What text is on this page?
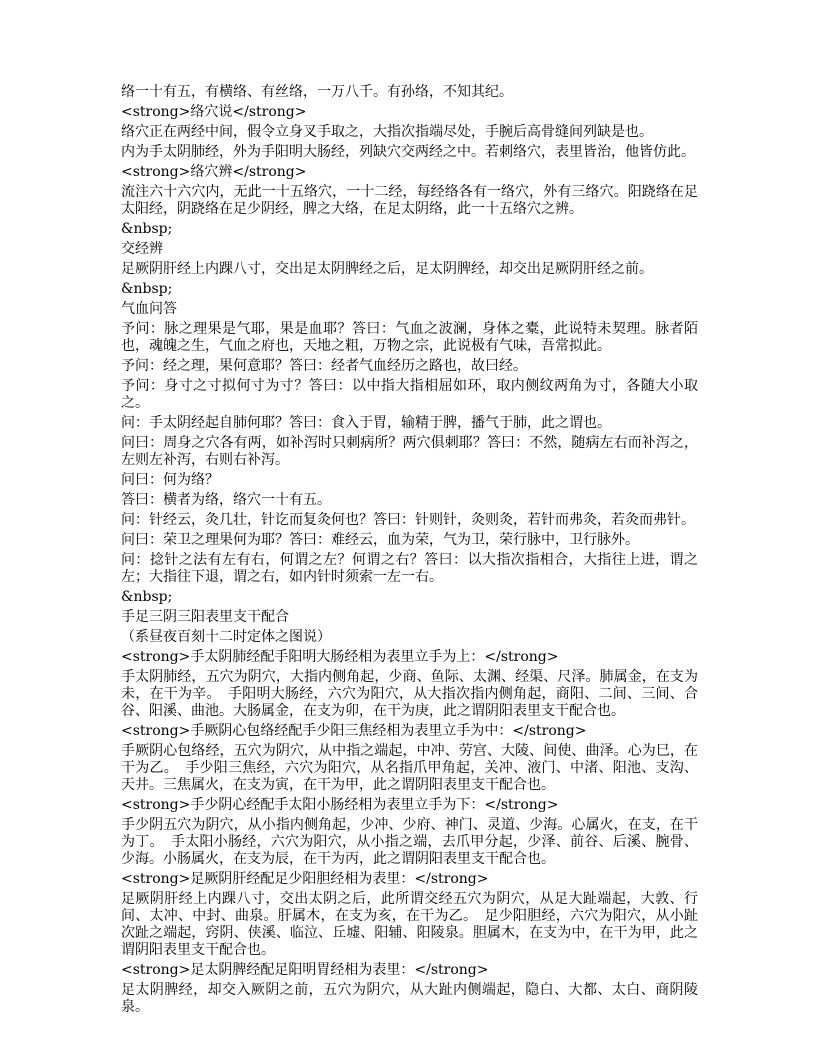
络一十有五，有横络、有丝络，一万八千。有孙络，不知其纪。

<strong>络穴说</strong>

络穴正在两经中间，假令立身叉手取之，大指次指端尽处，手腕后高骨缝间列缺是也。

内为手太阴肺经，外为手阳明大肠经，列缺穴交两经之中。若刺络穴，表里皆治，他皆仿此。

<strong>络穴辨</strong>

流注六十六穴内，无此一十五络穴，一十二经，每经络各有一络穴，外有三络穴。阳跷络在足太阳经，阴跷络在足少阴经，脾之大络，在足太阴络，此一十五络穴之辨。

&nbsp;

交经辨

足厥阴肝经上内踝八寸，交出足太阴脾经之后，足太阴脾经，却交出足厥阴肝经之前。

&nbsp;

气血问答

予问：脉之理果是气耶，果是血耶？答曰：气血之波澜，身体之橐，此说特未契理。脉者陌也，魂魄之生，气血之府也，天地之粗，万物之宗，此说极有气味，吾常拟此。

予问：经之理，果何意耶？答曰：经者气血经历之路也，故曰经。

予问：身寸之寸拟何寸为寸？答曰：以中指大指相屈如环，取内侧纹两角为寸，各随大小取之。

问：手太阴经起自肺何耶？答曰：食入于胃，输精于脾，播气于肺，此之谓也。

问曰：周身之穴各有两，如补泻时只刺病所？两穴俱刺耶？答曰：不然，随病左右而补泻之，左则左补泻，右则右补泻。

问曰：何为络？

答曰：横者为络，络穴一十有五。

问：针经云，灸几壮，针讫而复灸何也？答曰：针则针，灸则灸，若针而弗灸，若灸而弗针。

问曰：荣卫之理果何为耶？答曰：难经云，血为荣，气为卫，荣行脉中，卫行脉外。

问：捻针之法有左有右，何谓之左？何谓之右？答曰：以大指次指相合，大指往上进，谓之左；大指往下退，谓之右，如内针时须索一左一右。

&nbsp;

手足三阴三阳表里支干配合

（系昼夜百刻十二时定体之图说）

<strong>手太阴肺经配手阳明大肠经相为表里立手为上：</strong>

手太阴肺经，五穴为阴穴，大指内侧角起，少商、鱼际、太渊、经渠、尺泽。肺属金，在支为未，在干为辛。　手阳明大肠经，六穴为阳穴，从大指次指内侧角起，商阳、二间、三间、合谷、阳溪、曲池。大肠属金，在支为卯，在干为庚，此之谓阴阳表里支干配合也。

<strong>手厥阴心包络经配手少阳三焦经相为表里立手为中：</strong>

手厥阴心包络经，五穴为阴穴，从中指之端起，中冲、劳宫、大陵、间使、曲泽。心为巳，在干为乙。　手少阳三焦经，六穴为阳穴，从名指爪甲角起，关冲、液门、中渚、阳池、支沟、天井。三焦属火，在支为寅，在干为甲，此之谓阴阳表里支干配合也。

<strong>手少阴心经配手太阳小肠经相为表里立手为下：</strong>

手少阴五穴为阴穴，从小指内侧角起，少冲、少府、神门、灵道、少海。心属火，在支，在干为丁。　手太阳小肠经，六穴为阳穴，从小指之端，去爪甲分起，少泽、前谷、后溪、腕骨、少海。小肠属火，在支为辰，在干为丙，此之谓阴阳表里支干配合也。

<strong>足厥阴肝经配足少阳胆经相为表里：</strong>

足厥阴肝经上内踝八寸，交出太阴之后，此所谓交经五穴为阴穴，从足大趾端起，大敦、行间、太冲、中封、曲泉。肝属木，在支为亥，在干为乙。　足少阳胆经，六穴为阳穴，从小趾次趾之端起，窍阴、侠溪、临泣、丘墟、阳辅、阳陵泉。胆属木，在支为中，在干为甲，此之谓阴阳表里支干配合也。

<strong>足太阴脾经配足阳明胃经相为表里：</strong>

足太阴脾经，却交入厥阴之前，五穴为阴穴，从大趾内侧端起，隐白、大都、太白、商阴陵泉。
